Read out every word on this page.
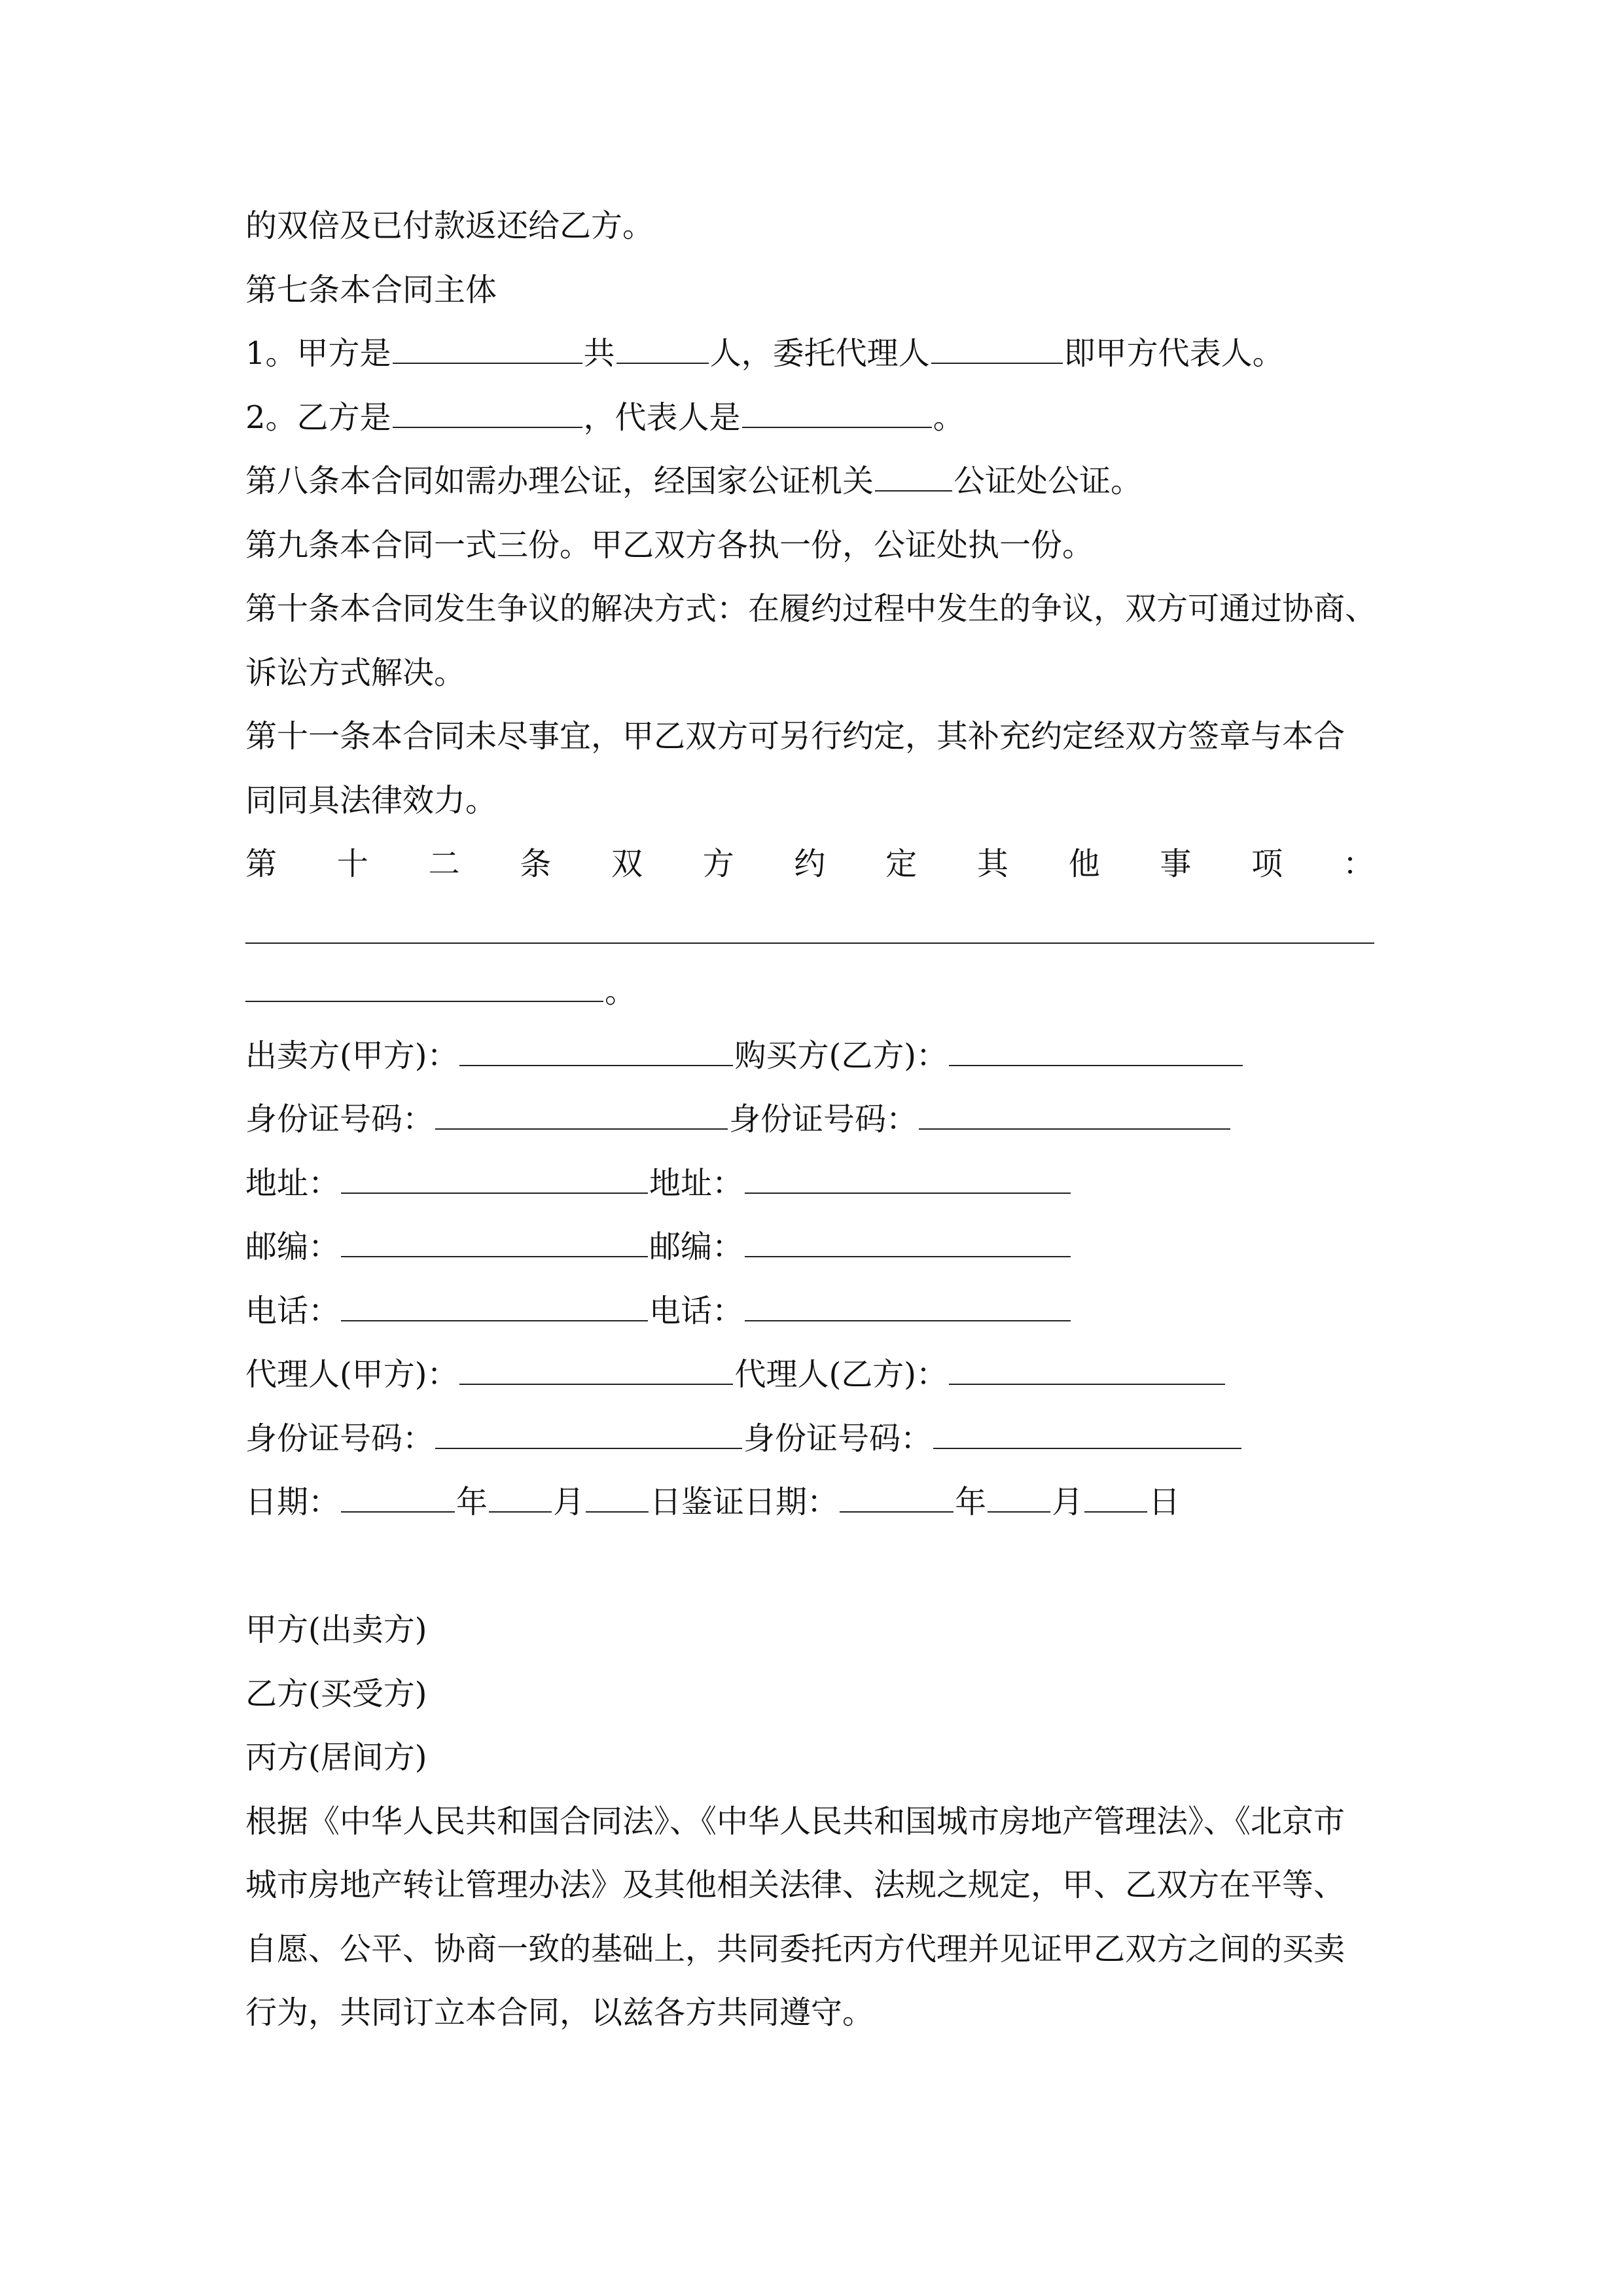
的双倍及已付款返还给乙方。
第七条本合同主体
1。甲方是	共	人，委托代理人	即甲方代表人。
2。乙方是	，代表人是	。
第八条本合同如需办理公证，经国家公证机关	公证处公证。
第九条本合同一式三份。甲乙双方各执一份，公证处执一份。
第十条本合同发生争议的解决方式：在履约过程中发生的争议，双方可通过协商、
诉讼方式解决。
第十一条本合同未尽事宜，甲乙双方可另行约定，其补充约定经双方签章与本合
同同具法律效力。
第 十 二 条 双 方 约 定 其 他 事 项 ：
。
出卖方(甲方)：	购买方(乙方)：
身份证号码：	身份证号码：
地址：	地址：
邮编：	邮编：
电话：	电话：
代理人(甲方)：	代理人(乙方)：
身份证号码：	身份证号码：
日期：	年 月 日鉴证日期：	年 月 日
甲方(出卖方)
乙方(买受方)
丙方(居间方)
根据《中华人民共和国合同法》、《中华人民共和国城市房地产管理法》、《北京市
城市房地产转让管理办法》及其他相关法律、法规之规定，甲、乙双方在平等、
自愿、公平、协商一致的基础上，共同委托丙方代理并见证甲乙双方之间的买卖
行为，共同订立本合同，以兹各方共同遵守。
